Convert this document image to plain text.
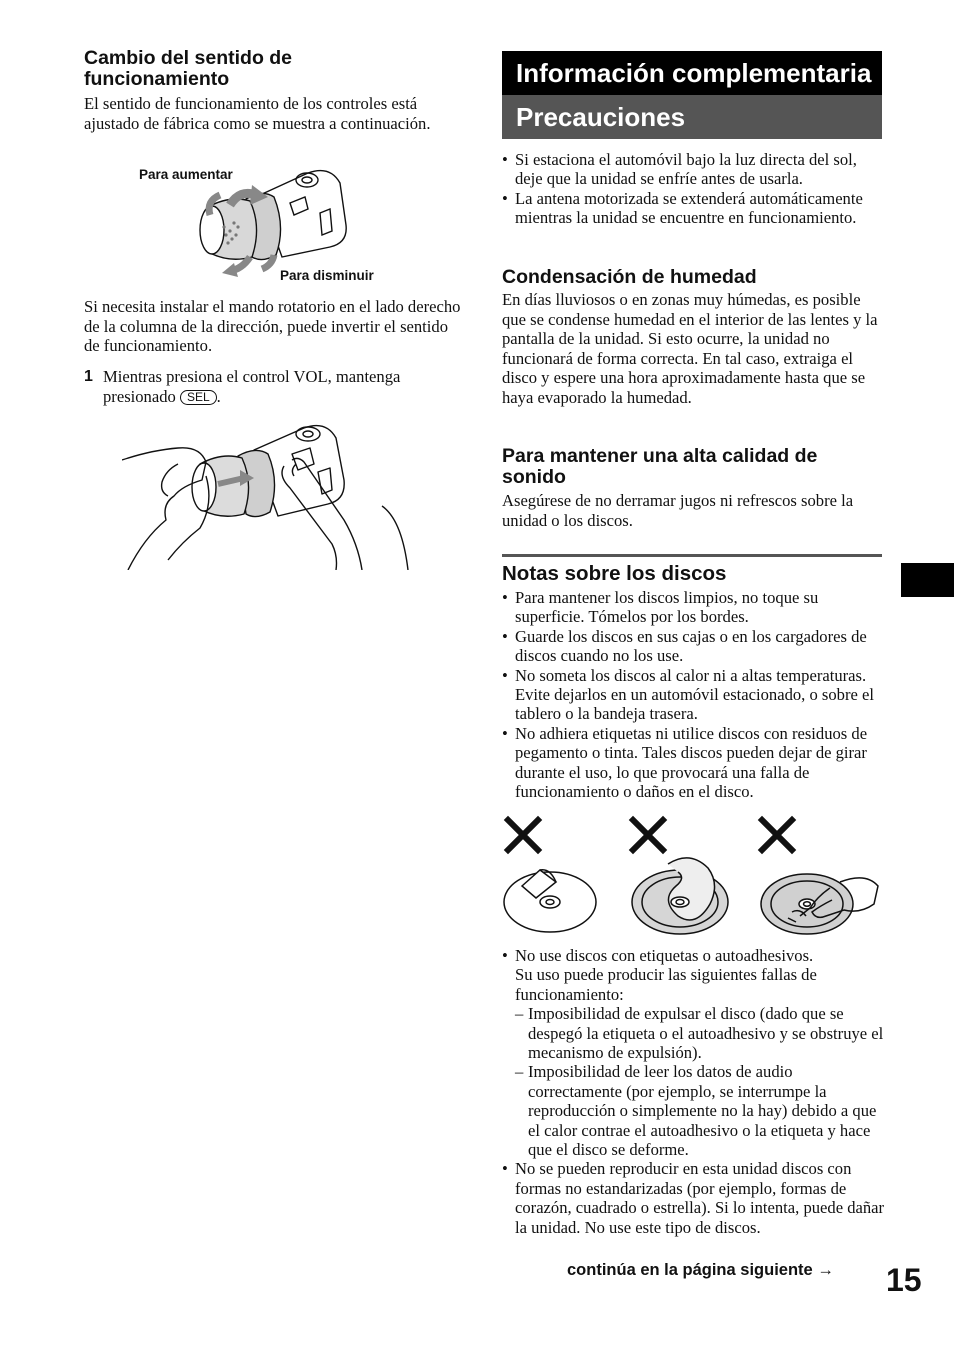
Cambio del sentido de funcionamiento

El sentido de funcionamiento de los controles está ajustado de fábrica como se muestra a continuación.

Para aumentar
Para disminuir

Si necesita instalar el mando rotatorio en el lado derecho de la columna de la dirección, puede invertir el sentido de funcionamiento.

1 Mientras presiona el control VOL, mantenga presionado SEL .

Información complementaria
Precauciones
• Si estaciona el automóvil bajo la luz directa del sol, deje que la unidad se enfríe antes de usarla.
• La antena motorizada se extenderá automáticamente mientras la unidad se encuentre en funcionamiento.
Condensación de humedad

En días lluviosos o en zonas muy húmedas, es posible que se condense humedad en el interior de las lentes y la pantalla de la unidad. Si esto ocurre, la unidad no funcionará de forma correcta. En tal caso, extraiga el disco y espere una hora aproximadamente hasta que se haya evaporado la humedad.

Para mantener una alta calidad de sonido

Asegúrese de no derramar jugos ni refrescos sobre la unidad o los discos.

Notas sobre los discos
• Para mantener los discos limpios, no toque su superficie. Tómelos por los bordes.
• Guarde los discos en sus cajas o en los cargadores de discos cuando no los use.
• No someta los discos al calor ni a altas temperaturas. Evite dejarlos en un automóvil estacionado, o sobre el tablero o la bandeja trasera.
• No adhiera etiquetas ni utilice discos con residuos de pegamento o tinta. Tales discos pueden dejar de girar durante el uso, lo que provocará una falla de funcionamiento o daños en el disco.
• No use discos con etiquetas o autoadhesivos.
Su uso puede producir las siguientes fallas de funcionamiento:
– Imposibilidad de expulsar el disco (dado que se despegó la etiqueta o el autoadhesivo y se obstruye el mecanismo de expulsión).
– Imposibilidad de leer los datos de audio correctamente (por ejemplo, se interrumpe la reproducción o simplemente no la hay) debido a que el calor contrae el autoadhesivo o la etiqueta y hace que el disco se deforme.
• No se pueden reproducir en esta unidad discos con formas no estandarizadas (por ejemplo, formas de corazón, cuadrado o estrella). Si lo intenta, puede dañar la unidad. No use este tipo de discos.
continúa en la página siguiente → 15
